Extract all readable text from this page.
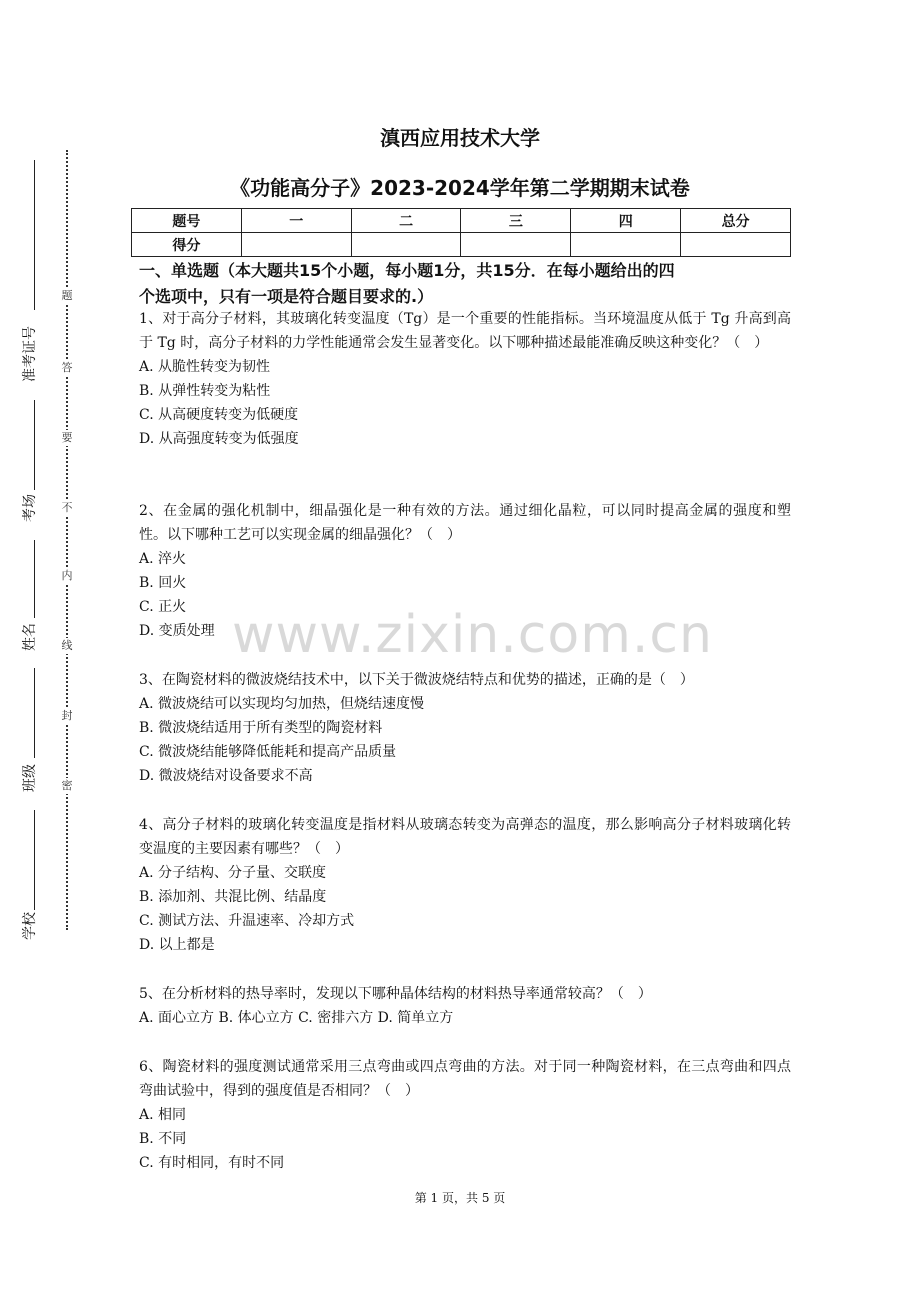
准考证号
考场
姓名
班级
学校
题
答
要
不
内
线
封
密
滇西应用技术大学
《功能高分子》2023-2024学年第二学期期末试卷
题号	一	二	三	四	总分
得分					
一、单选题（本大题共15个小题，每小题1分，共15分．在每小题给出的四
个选项中，只有一项是符合题目要求的.）
1、对于高分子材料，其玻璃化转变温度（Tg）是一个重要的性能指标。当环境温度从低于 Tg 升高到高于 Tg 时，高分子材料的力学性能通常会发生显著变化。以下哪种描述最能准确反映这种变化？（　）
A. 从脆性转变为韧性
B. 从弹性转变为粘性
C. 从高硬度转变为低硬度
D. 从高强度转变为低强度
2、在金属的强化机制中，细晶强化是一种有效的方法。通过细化晶粒，可以同时提高金属的强度和塑性。以下哪种工艺可以实现金属的细晶强化？（　）
A. 淬火
B. 回火
C. 正火
D. 变质处理
3、在陶瓷材料的微波烧结技术中，以下关于微波烧结特点和优势的描述，正确的是（　）
A. 微波烧结可以实现均匀加热，但烧结速度慢
B. 微波烧结适用于所有类型的陶瓷材料
C. 微波烧结能够降低能耗和提高产品质量
D. 微波烧结对设备要求不高
4、高分子材料的玻璃化转变温度是指材料从玻璃态转变为高弹态的温度，那么影响高分子材料玻璃化转变温度的主要因素有哪些？（　）
A. 分子结构、分子量、交联度
B. 添加剂、共混比例、结晶度
C. 测试方法、升温速率、冷却方式
D. 以上都是
5、在分析材料的热导率时，发现以下哪种晶体结构的材料热导率通常较高？（　）
A. 面心立方 B. 体心立方 C. 密排六方 D. 简单立方
6、陶瓷材料的强度测试通常采用三点弯曲或四点弯曲的方法。对于同一种陶瓷材料，在三点弯曲和四点弯曲试验中，得到的强度值是否相同？（　）
A. 相同
B. 不同
C. 有时相同，有时不同
www.zixin.com.cn
第 1 页，共 5 页
